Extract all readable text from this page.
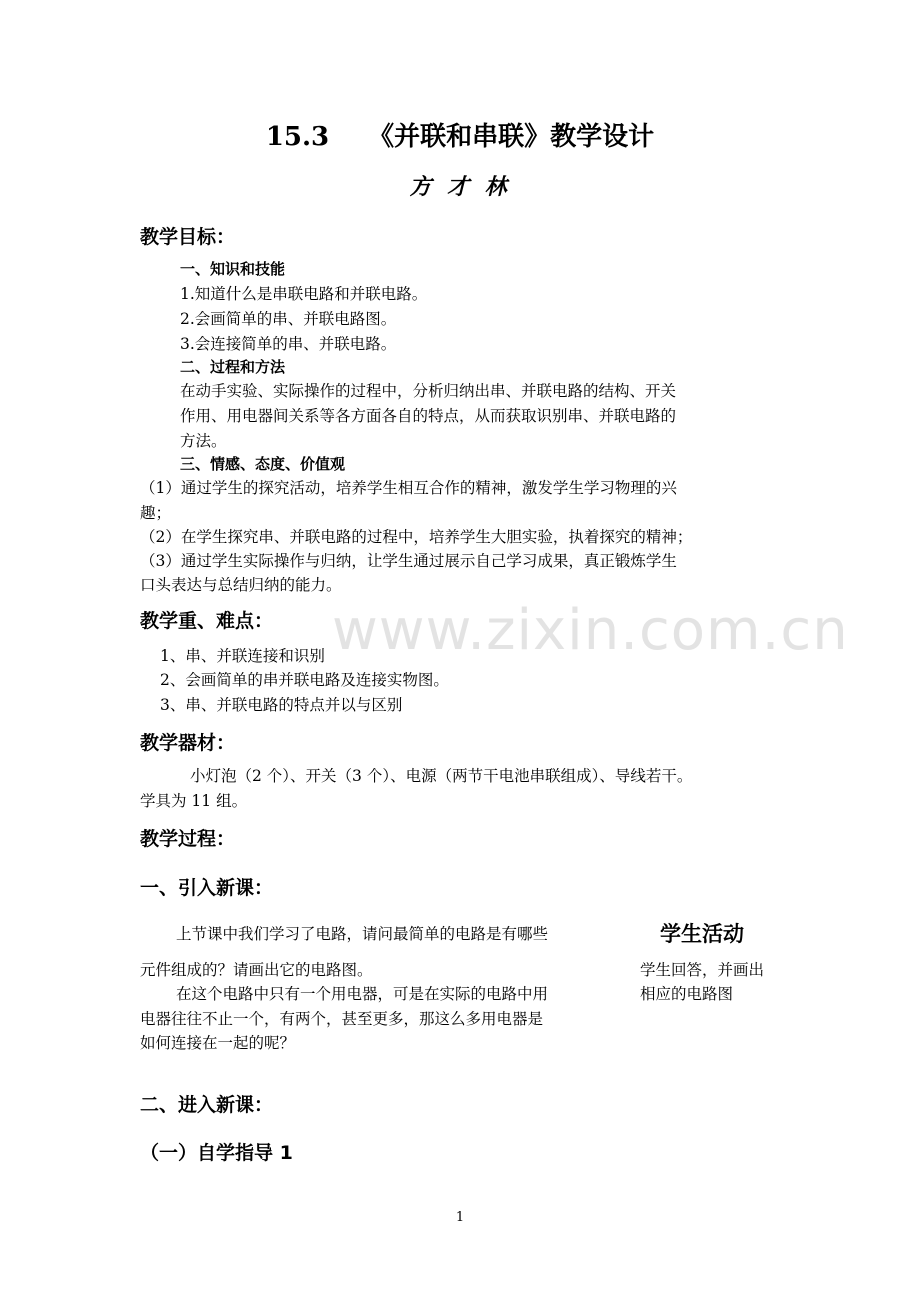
www.zixin.com.cn
15.3　　《并联和串联》教学设计
方 才 林
教学目标：
一、知识和技能
1.知道什么是串联电路和并联电路。
2.会画简单的串、并联电路图。
3.会连接简单的串、并联电路。
二、过程和方法
在动手实验、实际操作的过程中，分析归纳出串、并联电路的结构、开关
作用、用电器间关系等各方面各自的特点，从而获取识别串、并联电路的
方法。
三、情感、态度、价值观
（1）通过学生的探究活动，培养学生相互合作的精神，激发学生学习物理的兴
趣；
（2）在学生探究串、并联电路的过程中，培养学生大胆实验，执着探究的精神；
（3）通过学生实际操作与归纳，让学生通过展示自己学习成果，真正锻炼学生
口头表达与总结归纳的能力。
教学重、难点：
1、串、并联连接和识别
2、会画简单的串并联电路及连接实物图。
3、串、并联电路的特点并以与区别
教学器材：
小灯泡（2 个）、开关（3 个）、电源（两节干电池串联组成）、导线若干。
学具为 11 组。
教学过程：
一、引入新课：
上节课中我们学习了电路，请问最简单的电路是有哪些
元件组成的？请画出它的电路图。
在这个电路中只有一个用电器，可是在实际的电路中用
电器往往不止一个，有两个，甚至更多，那这么多用电器是
如何连接在一起的呢？
学生活动
学生回答，并画出
相应的电路图
二、进入新课：
（一）自学指导 1
1
